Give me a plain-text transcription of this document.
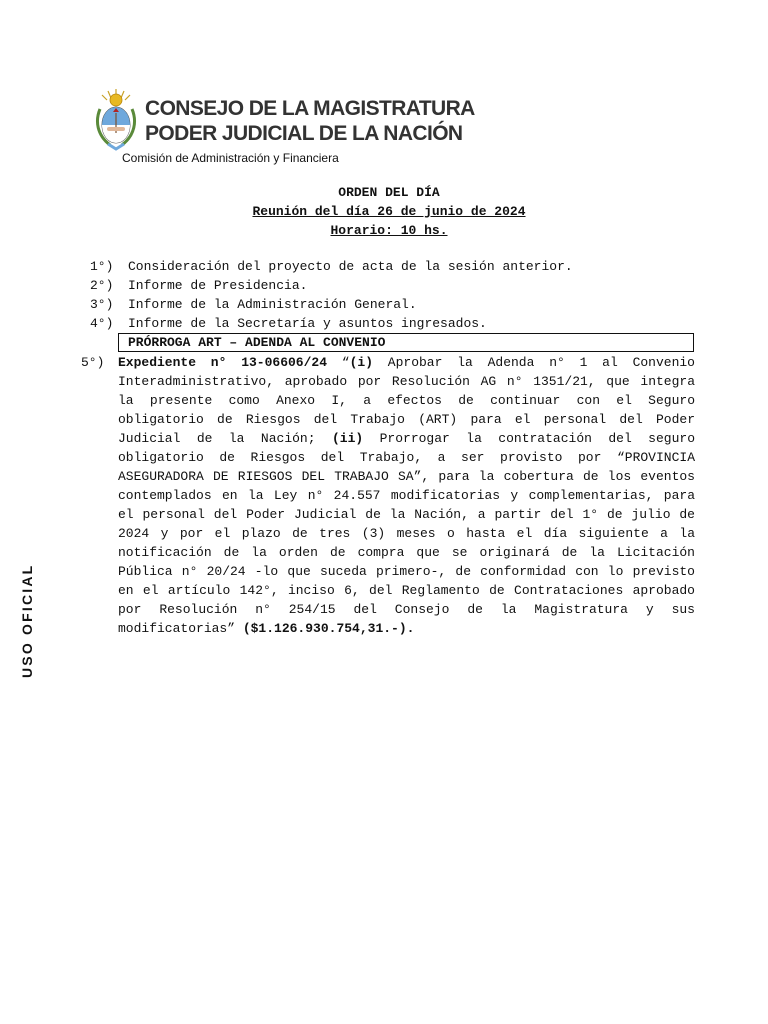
CONSEJO DE LA MAGISTRATURA
PODER JUDICIAL DE LA NACIÓN
Comisión de Administración y Financiera
ORDEN DEL DÍA
Reunión del día 26 de junio de 2024
Horario: 10 hs.
1°)	Consideración del proyecto de acta de la sesión anterior.
2°)	Informe de Presidencia.
3°)	Informe de la Administración General.
4°)	Informe de la Secretaría y asuntos ingresados.
PRÓRROGA ART – ADENDA AL CONVENIO
5°) Expediente n° 13-06606/24 “(i) Aprobar la Adenda n° 1 al Convenio Interadministrativo, aprobado por Resolución AG n° 1351/21, que integra la presente como Anexo I, a efectos de continuar con el Seguro obligatorio de Riesgos del Trabajo (ART) para el personal del Poder Judicial de la Nación; (ii) Prorrogar la contratación del seguro obligatorio de Riesgos del Trabajo, a ser provisto por “PROVINCIA ASEGURADORA DE RIESGOS DEL TRABAJO SA”, para la cobertura de los eventos contemplados en la Ley n° 24.557 modificatorias y complementarias, para el personal del Poder Judicial de la Nación, a partir del 1° de julio de 2024 y por el plazo de tres (3) meses o hasta el día siguiente a la notificación de la orden de compra que se originará de la Licitación Pública n° 20/24 -lo que suceda primero-, de conformidad con lo previsto en el artículo 142°, inciso 6, del Reglamento de Contrataciones aprobado por Resolución n° 254/15 del Consejo de la Magistratura y sus modificatorias” ($1.126.930.754,31.-).
USO OFICIAL
